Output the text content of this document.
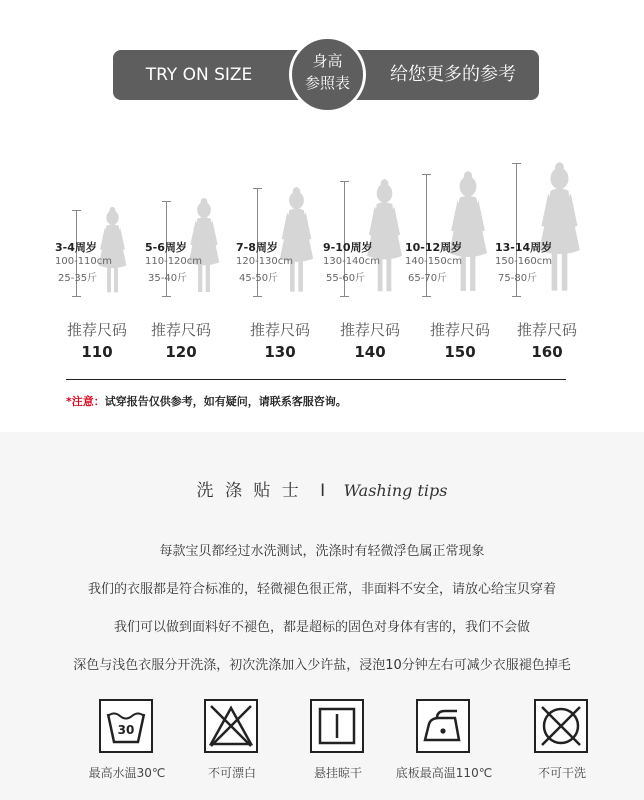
TRY ON SIZE	给您更多的参考
身高
参照表
3-4周岁
100-110cm
25-35斤
推荐尺码
110
5-6周岁
110-120cm
35-40斤
推荐尺码
120
7-8周岁
120-130cm
45-50斤
推荐尺码
130
9-10周岁
130-140cm
55-60斤
推荐尺码
140
10-12周岁
140-150cm
65-70斤
推荐尺码
150
13-14周岁
150-160cm
75-80斤
推荐尺码
160
*注意：试穿报告仅供参考，如有疑问，请联系客服咨询。
洗 涤 贴 士 I Washing tips
每款宝贝都经过水洗测试，洗涤时有轻微浮色属正常现象
我们的衣服都是符合标准的，轻微褪色很正常，非面料不安全，请放心给宝贝穿着
我们可以做到面料好不褪色，都是超标的固色对身体有害的，我们不会做
深色与浅色衣服分开洗涤，初次洗涤加入少许盐，浸泡10分钟左右可减少衣服褪色掉毛
30
最高水温30℃	不可漂白	悬挂晾干	底板最高温110℃	不可干洗
